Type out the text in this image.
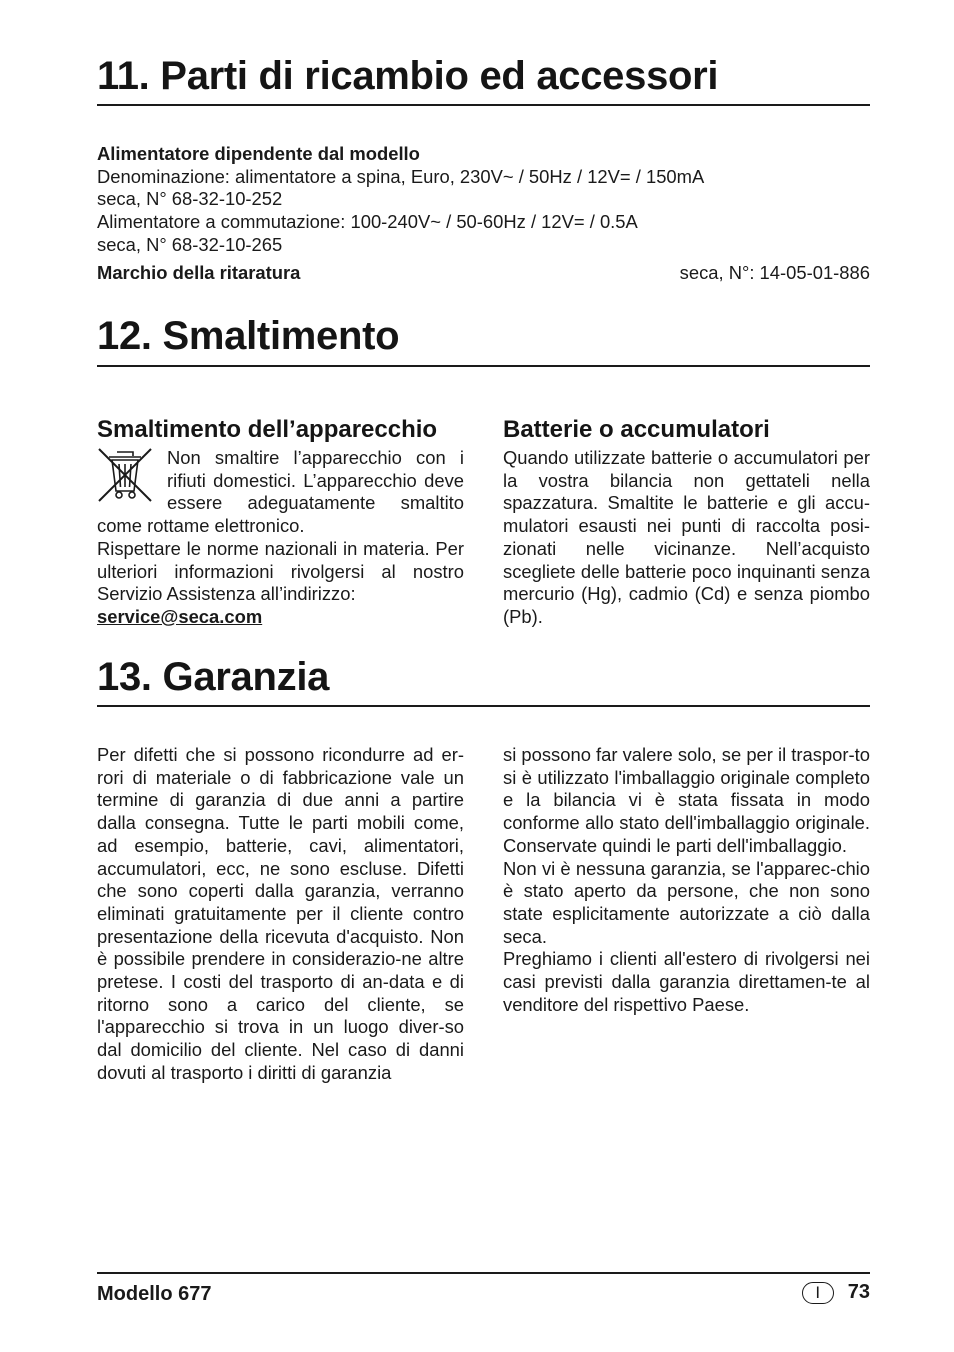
11. Parti di ricambio ed accessori
Alimentatore dipendente dal modello
Denominazione: alimentatore a spina, Euro, 230V~ / 50Hz / 12V= / 150mA
seca, N° 68-32-10-252
Alimentatore a commutazione: 100-240V~ / 50-60Hz / 12V= / 0.5A
seca, N° 68-32-10-265
Marchio della ritaratura	seca, N°: 14-05-01-886
12. Smaltimento
Smaltimento dell’apparecchio
Non smaltire l’apparecchio con i rifiuti domestici. L’apparecchio deve essere adeguatamente smaltito come rottame elettronico.
Rispettare le norme nazionali in materia. Per ulteriori informazioni rivolgersi al nostro Servizio Assistenza all’indirizzo:
service@seca.com
Batterie o accumulatori
Quando utilizzate batterie o accumulatori per la vostra bilancia non gettateli nella spazzatura. Smaltite le batterie e gli accu-mulatori esausti nei punti di raccolta posi-zionati nelle vicinanze. Nell’acquisto scegliete delle batterie poco inquinanti senza mercurio (Hg), cadmio (Cd) e senza piombo (Pb).
13. Garanzia
Per difetti che si possono ricondurre ad er-rori di materiale o di fabbricazione vale un termine di garanzia di due anni a partire dalla consegna. Tutte le parti mobili come, ad esempio, batterie, cavi, alimentatori, accumulatori, ecc, ne sono escluse. Difetti che sono coperti dalla garanzia, verranno eliminati gratuitamente per il cliente contro presentazione della ricevuta d'acquisto. Non è possibile prendere in considerazio-ne altre pretese. I costi del trasporto di an-data e di ritorno sono a carico del cliente, se l'apparecchio si trova in un luogo diver-so dal domicilio del cliente. Nel caso di danni dovuti al trasporto i diritti di garanzia
si possono far valere solo, se per il traspor-to si è utilizzato l'imballaggio originale completo e la bilancia vi è stata fissata in modo conforme allo stato dell'imballaggio originale. Conservate quindi le parti dell'imballaggio.
Non vi è nessuna garanzia, se l'apparec-chio è stato aperto da persone, che non sono state esplicitamente autorizzate a ciò dalla seca.
Preghiamo i clienti all'estero di rivolgersi nei casi previsti dalla garanzia direttamen-te al venditore del rispettivo Paese.
Modello 677	I	73
